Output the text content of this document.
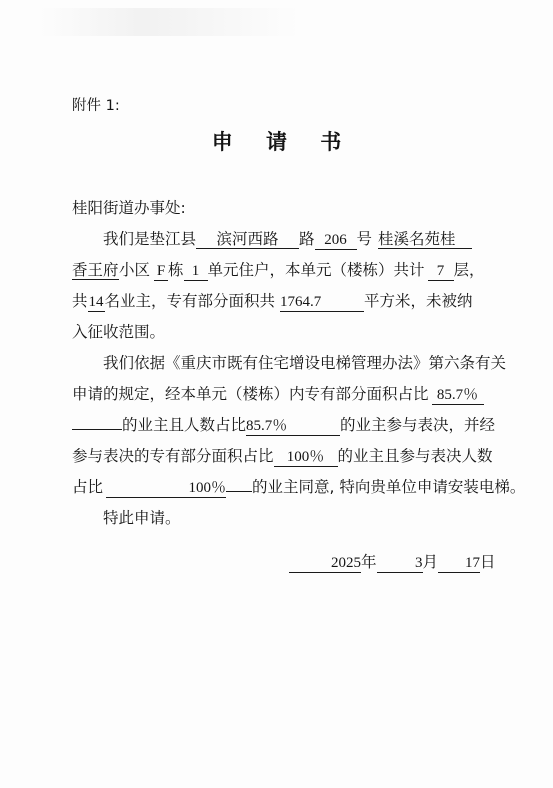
附件 1:
申 请 书
桂阳街道办事处:
我们是垫江县 滨河西路 路 206 号 桂溪名苑桂
香王府小区 F 栋 1 单元住户，本单元（楼栋）共计 7 层，
共14名业主，专有部分面积共 1764.7	平方米，未被纳
入征收范围。
我们依据《重庆市既有住宅增设电梯管理办法》第六条有关
申请的规定，经本单元（楼栋）内专有部分面积占比 85.7％
的业主且人数占比85.7％	的业主参与表决，并经
参与表决的专有部分面积占比 100％ 的业主且参与表决人数
占比	100％ 的业主同意, 特向贵单位申请安装电梯。
特此申请。
2025年	3月 17日
